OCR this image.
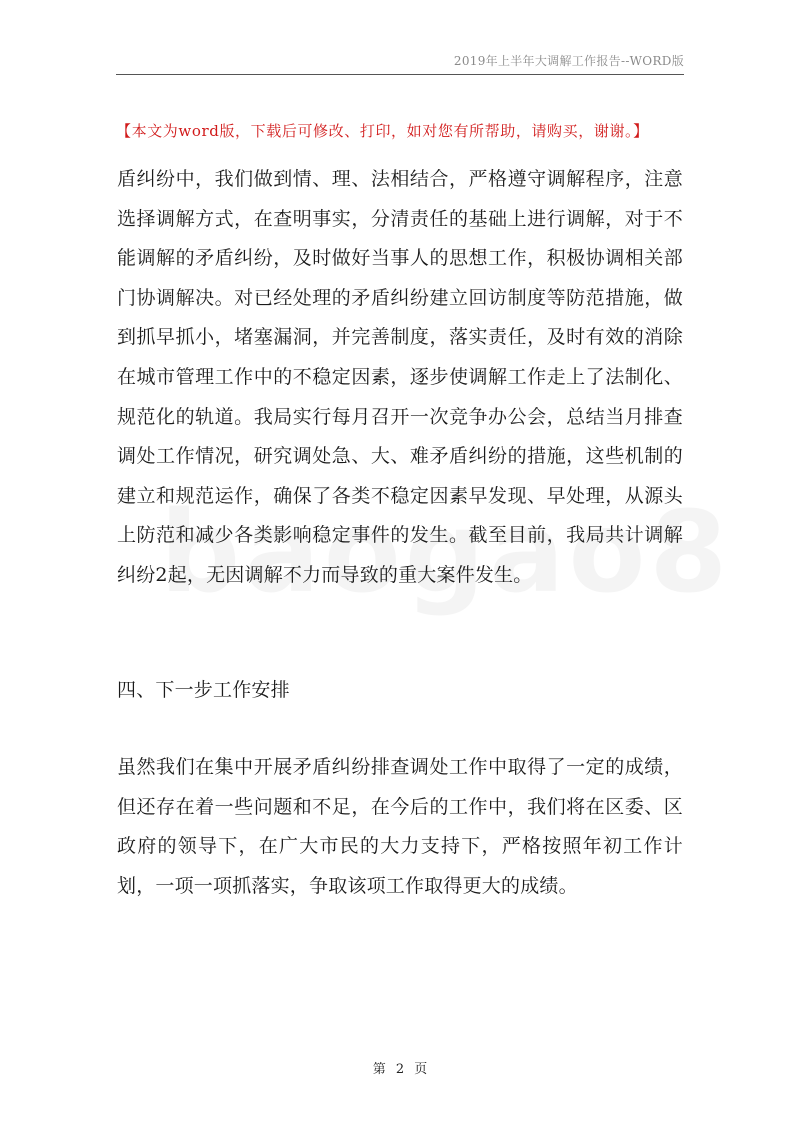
2019年上半年大调解工作报告--WORD版
【本文为word版，下载后可修改、打印，如对您有所帮助，请购买，谢谢。】

盾纠纷中，我们做到情、理、法相结合，严格遵守调解程序，注意选择调解方式，在查明事实，分清责任的基础上进行调解，对于不能调解的矛盾纠纷，及时做好当事人的思想工作，积极协调相关部门协调解决。对已经处理的矛盾纠纷建立回访制度等防范措施，做到抓早抓小，堵塞漏洞，并完善制度，落实责任，及时有效的消除在城市管理工作中的不稳定因素，逐步使调解工作走上了法制化、规范化的轨道。我局实行每月召开一次竞争办公会，总结当月排查调处工作情况，研究调处急、大、难矛盾纠纷的措施，这些机制的建立和规范运作，确保了各类不稳定因素早发现、早处理，从源头上防范和减少各类影响稳定事件的发生。截至目前，我局共计调解纠纷2起，无因调解不力而导致的重大案件发生。

四、下一步工作安排

虽然我们在集中开展矛盾纠纷排查调处工作中取得了一定的成绩，但还存在着一些问题和不足，在今后的工作中，我们将在区委、区政府的领导下，在广大市民的大力支持下，严格按照年初工作计划，一项一项抓落实，争取该项工作取得更大的成绩。

第 2 页
